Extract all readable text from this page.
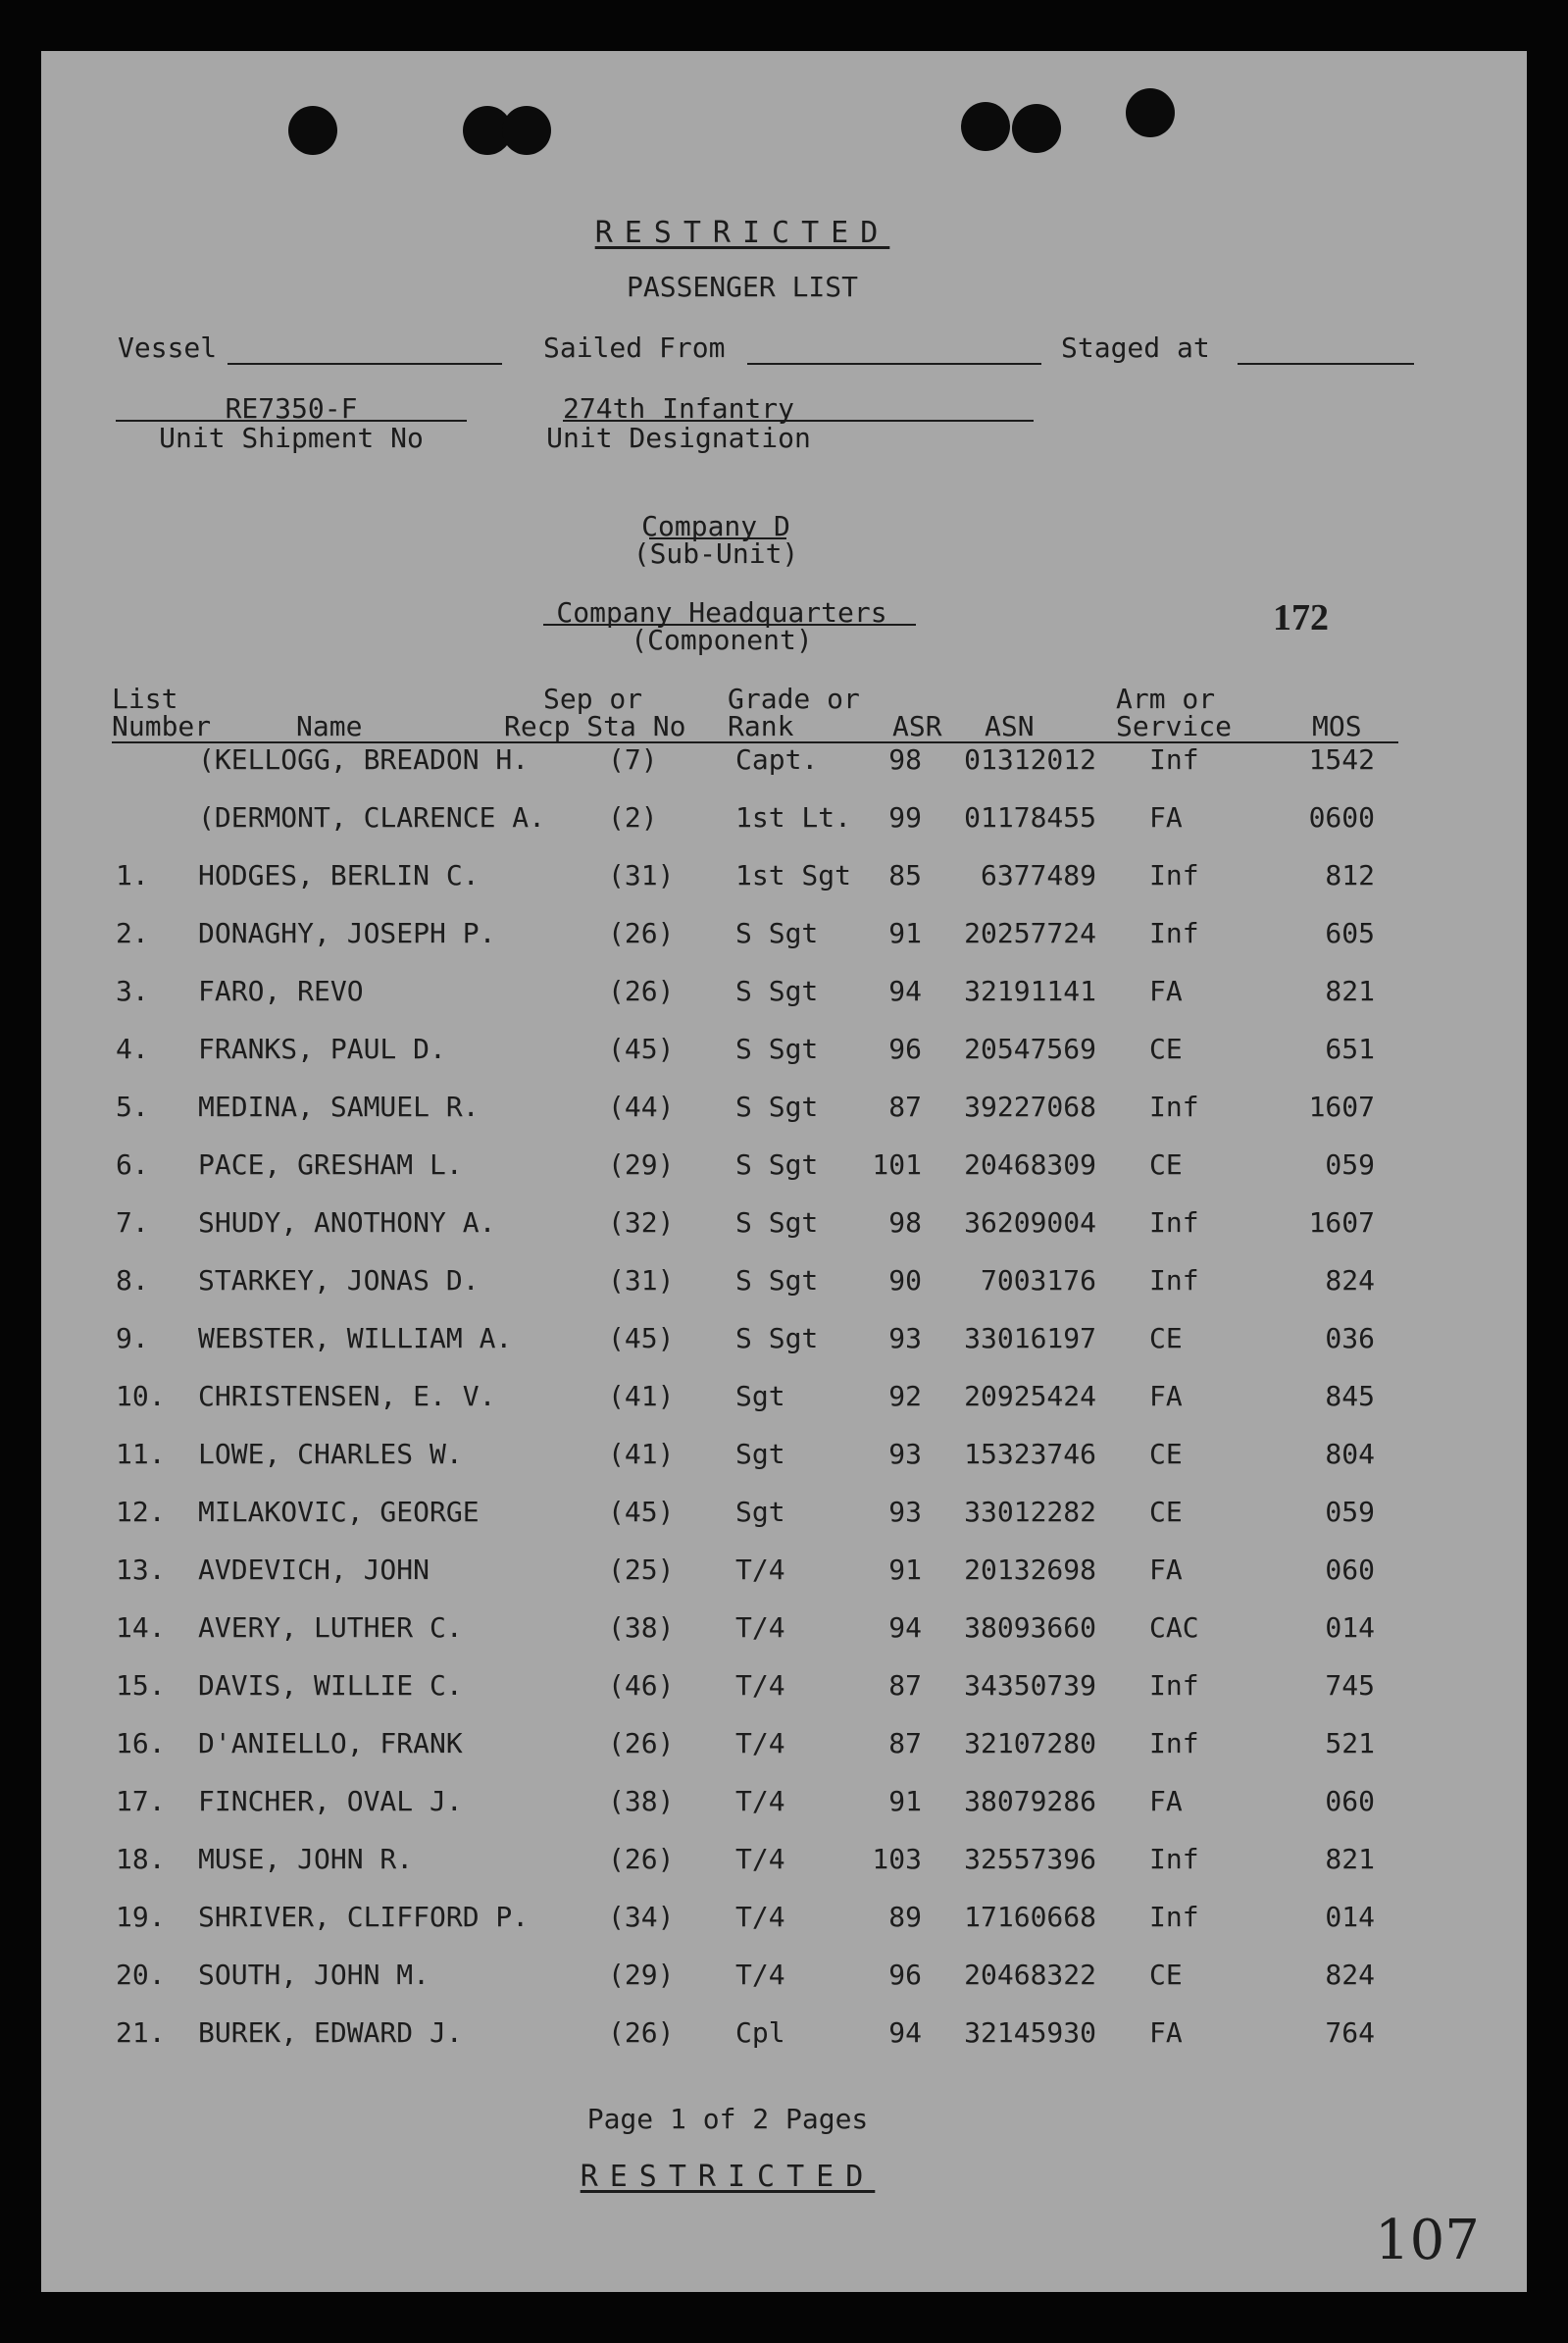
RESTRICTED
PASSENGER LIST
Vessel	Sailed From	Staged at
RE7350-F
Unit Shipment No
274th Infantry
Unit Designation
Company D
(Sub-Unit)
Company Headquarters
(Component)
172
List
Number	Name
Sep or
Recp Sta No
Grade or
Rank	ASR ASN
Arm or
Service	MOS
(KELLOGG, BREADON H.	(7)	Capt.	98	01312012 Inf	1542
(DERMONT, CLARENCE A.	(2)	1st Lt.	99	01178455 FA	0600
1.	HODGES, BERLIN C.	(31)	1st Sgt	85	6377489 Inf	812
2.	DONAGHY, JOSEPH P.	(26)	S Sgt	91	20257724 Inf	605
3.	FARO, REVO	(26)	S Sgt	94	32191141 FA	821
4.	FRANKS, PAUL D.	(45)	S Sgt	96	20547569 CE	651
5.	MEDINA, SAMUEL R.	(44)	S Sgt	87	39227068 Inf	1607
6.	PACE, GRESHAM L.	(29)	S Sgt	101	20468309 CE	059
7.	SHUDY, ANOTHONY A.	(32)	S Sgt	98	36209004 Inf	1607
8.	STARKEY, JONAS D.	(31)	S Sgt	90	7003176 Inf	824
9.	WEBSTER, WILLIAM A.	(45)	S Sgt	93	33016197 CE	036
10.	CHRISTENSEN, E. V.	(41)	Sgt	92	20925424 FA	845
11.	LOWE, CHARLES W.	(41)	Sgt	93	15323746 CE	804
12.	MILAKOVIC, GEORGE	(45)	Sgt	93	33012282 CE	059
13.	AVDEVICH, JOHN	(25)	T/4	91	20132698 FA	060
14.	AVERY, LUTHER C.	(38)	T/4	94	38093660 CAC	014
15.	DAVIS, WILLIE C.	(46)	T/4	87	34350739 Inf	745
16.	D'ANIELLO, FRANK	(26)	T/4	87	32107280 Inf	521
17.	FINCHER, OVAL J.	(38)	T/4	91	38079286 FA	060
18.	MUSE, JOHN R.	(26)	T/4	103	32557396 Inf	821
19.	SHRIVER, CLIFFORD P.	(34)	T/4	89	17160668 Inf	014
20.	SOUTH, JOHN M.	(29)	T/4	96	20468322 CE	824
21.	BUREK, EDWARD J.	(26)	Cpl	94	32145930 FA	764
Page 1 of 2 Pages
RESTRICTED
107
